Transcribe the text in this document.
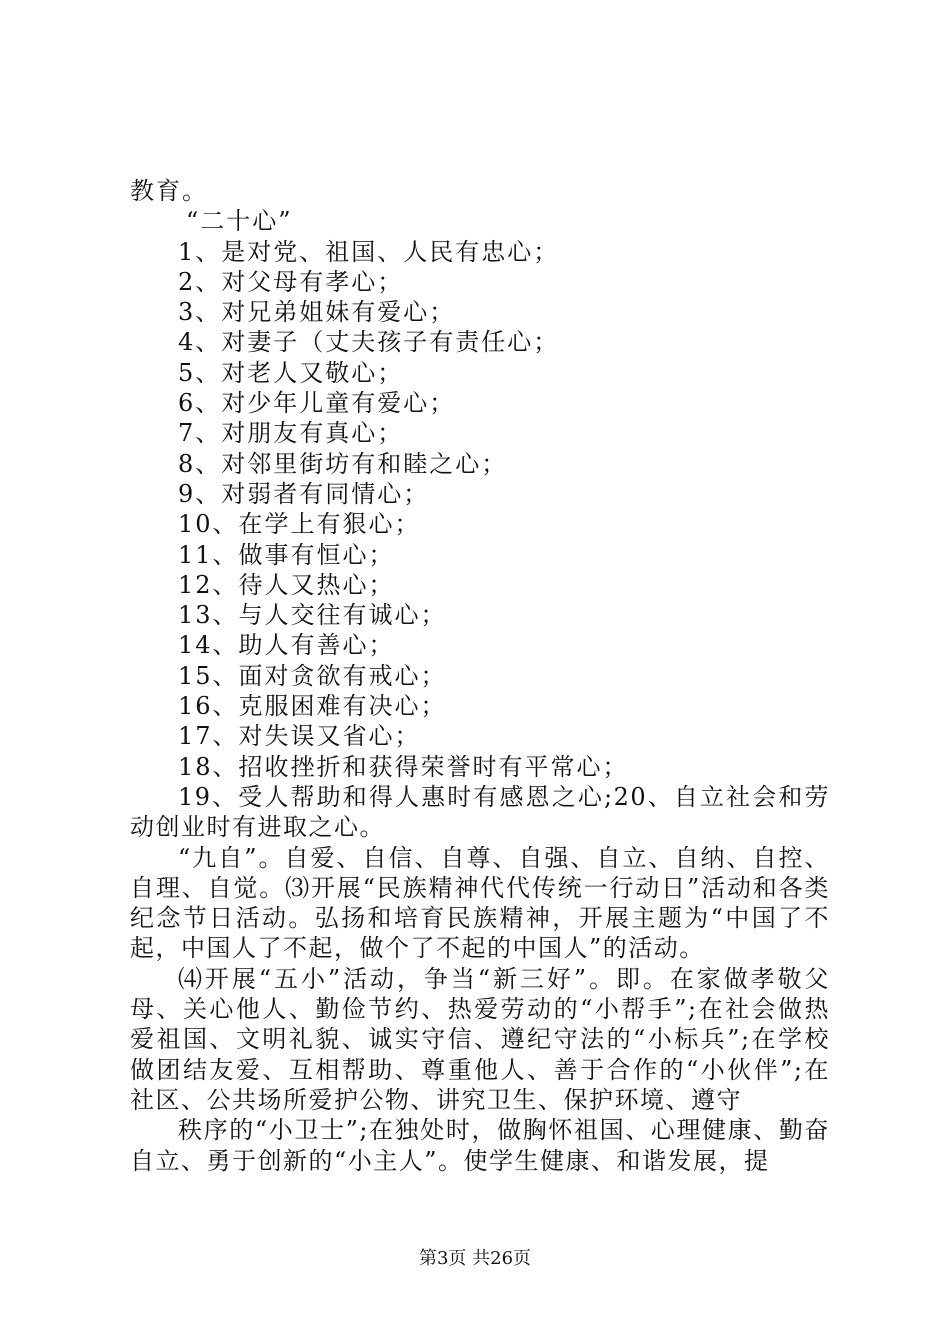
教育。
“二十心”
1、是对党、祖国、人民有忠心；
2、对父母有孝心；
3、对兄弟姐妹有爱心；
4、对妻子（丈夫孩子有责任心；
5、对老人又敬心；
6、对少年儿童有爱心；
7、对朋友有真心；
8、对邻里街坊有和睦之心；
9、对弱者有同情心；
10、在学上有狠心；
11、做事有恒心；
12、待人又热心；
13、与人交往有诚心；
14、助人有善心；
15、面对贪欲有戒心；
16、克服困难有决心；
17、对失误又省心；
18、招收挫折和获得荣誉时有平常心；
19、受人帮助和得人惠时有感恩之心;20、自立社会和劳动创业时有进取之心。
“九自”。自爱、自信、自尊、自强、自立、自纳、自控、自理、自觉。⑶开展“民族精神代代传统一行动日”活动和各类纪念节日活动。弘扬和培育民族精神，开展主题为“中国了不起，中国人了不起，做个了不起的中国人”的活动。
⑷开展“五小”活动，争当“新三好”。即。在家做孝敬父母、关心他人、勤俭节约、热爱劳动的“小帮手”;在社会做热爱祖国、文明礼貌、诚实守信、遵纪守法的“小标兵”;在学校做团结友爱、互相帮助、尊重他人、善于合作的“小伙伴”;在社区、公共场所爱护公物、讲究卫生、保护环境、遵守
秩序的“小卫士”;在独处时，做胸怀祖国、心理健康、勤奋自立、勇于创新的“小主人”。使学生健康、和谐发展，提
第3页 共26页
